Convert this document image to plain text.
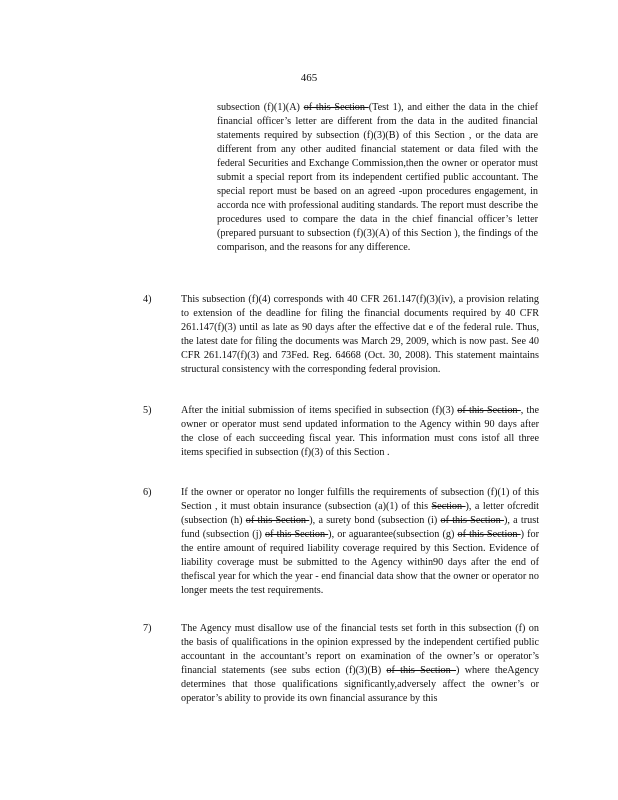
465
subsection (f)(1)(A) of this Section (Test 1), and either the data in the chief financial officer’s letter are different from the data in the audited financial statements required by subsection (f)(3)(B) of this Section , or the data are different from any other audited financial statement or data filed with the federal Securities and Exchange Commission,then the owner or operator must submit a special report from its independent certified public accountant. The special report must be based on an agreed -upon procedures engagement, in accorda nce with professional auditing standards. The report must describe the procedures used to compare the data in the chief financial officer’s letter (prepared pursuant to subsection (f)(3)(A) of this Section ), the findings of the comparison, and the reasons for any difference.
4)	This subsection (f)(4) corresponds with 40 CFR 261.147(f)(3)(iv), a provision relating to extension of the deadline for filing the financial documents required by 40 CFR 261.147(f)(3) until as late as 90 days after the effective dat e of the federal rule. Thus, the latest date for filing the documents was March 29, 2009, which is now past. See 40 CFR 261.147(f)(3) and 73Fed. Reg. 64668 (Oct. 30, 2008). This statement maintains structural consistency with the corresponding federal provision.
5)	After the initial submission of items specified in subsection (f)(3) of this Section , the owner or operator must send updated information to the Agency within 90 days after the close of each succeeding fiscal year. This information must cons istof all three items specified in subsection (f)(3) of this Section .
6)	If the owner or operator no longer fulfills the requirements of subsection (f)(1) of this Section , it must obtain insurance (subsection (a)(1) of this Section ), a letter ofcredit (subsection (h) of this Section ), a surety bond (subsection (i) of this Section ), a trust fund (subsection (j) of this Section ), or aguarantee(subsection (g) of this Section ) for the entire amount of required liability coverage required by this Section. Evidence of liability coverage must be submitted to the Agency within90 days after the end of thefiscal year for which the year - end financial data show that the owner or operator no longer meets the test requirements.
7)	The Agency must disallow use of the financial tests set forth in this subsection (f) on the basis of qualifications in the opinion expressed by the independent certified public accountant in the accountant’s report on examination of the owner’s or operator’s financial statements (see subs ection (f)(3)(B) of this Section ) where theAgency determines that those qualifications significantly,adversely affect the owner’s or operator’s ability to provide its own financial assurance by this
